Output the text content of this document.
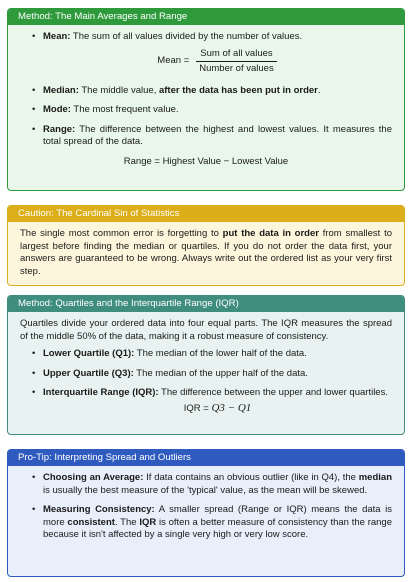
Method: The Main Averages and Range
• Mean: The sum of all values divided by the number of values.
Mean = $\frac{\text{Sum of all values}}{\text{Number of values}}$
• Median: The middle value, after the data has been put in order.
• Mode: The most frequent value.
• Range: The difference between the highest and lowest values. It measures the total spread of the data.
Range = Highest Value − Lowest Value
Caution: The Cardinal Sin of Statistics

The single most common error is forgetting to put the data in order from smallest to largest before finding the median or quartiles. If you do not order the data first, your answers are guaranteed to be wrong. Always write out the ordered list as your very first step.

Method: Quartiles and the Interquartile Range (IQR)

Quartiles divide your ordered data into four equal parts. The IQR measures the spread of the middle 50% of the data, making it a robust measure of consistency.

• Lower Quartile (Q1): The median of the lower half of the data.
• Upper Quartile (Q3): The median of the upper half of the data.
• Interquartile Range (IQR): The difference between the upper and lower quartiles.
IQR = Q3 − Q1
Pro-Tip: Interpreting Spread and Outliers
• Choosing an Average: If data contains an obvious outlier (like in Q4), the median is usually the best measure of the 'typical' value, as the mean will be skewed.
• Measuring Consistency: A smaller spread (Range or IQR) means the data is more consistent. The IQR is often a better measure of consistency than the range because it isn't affected by a single very high or very low score.
